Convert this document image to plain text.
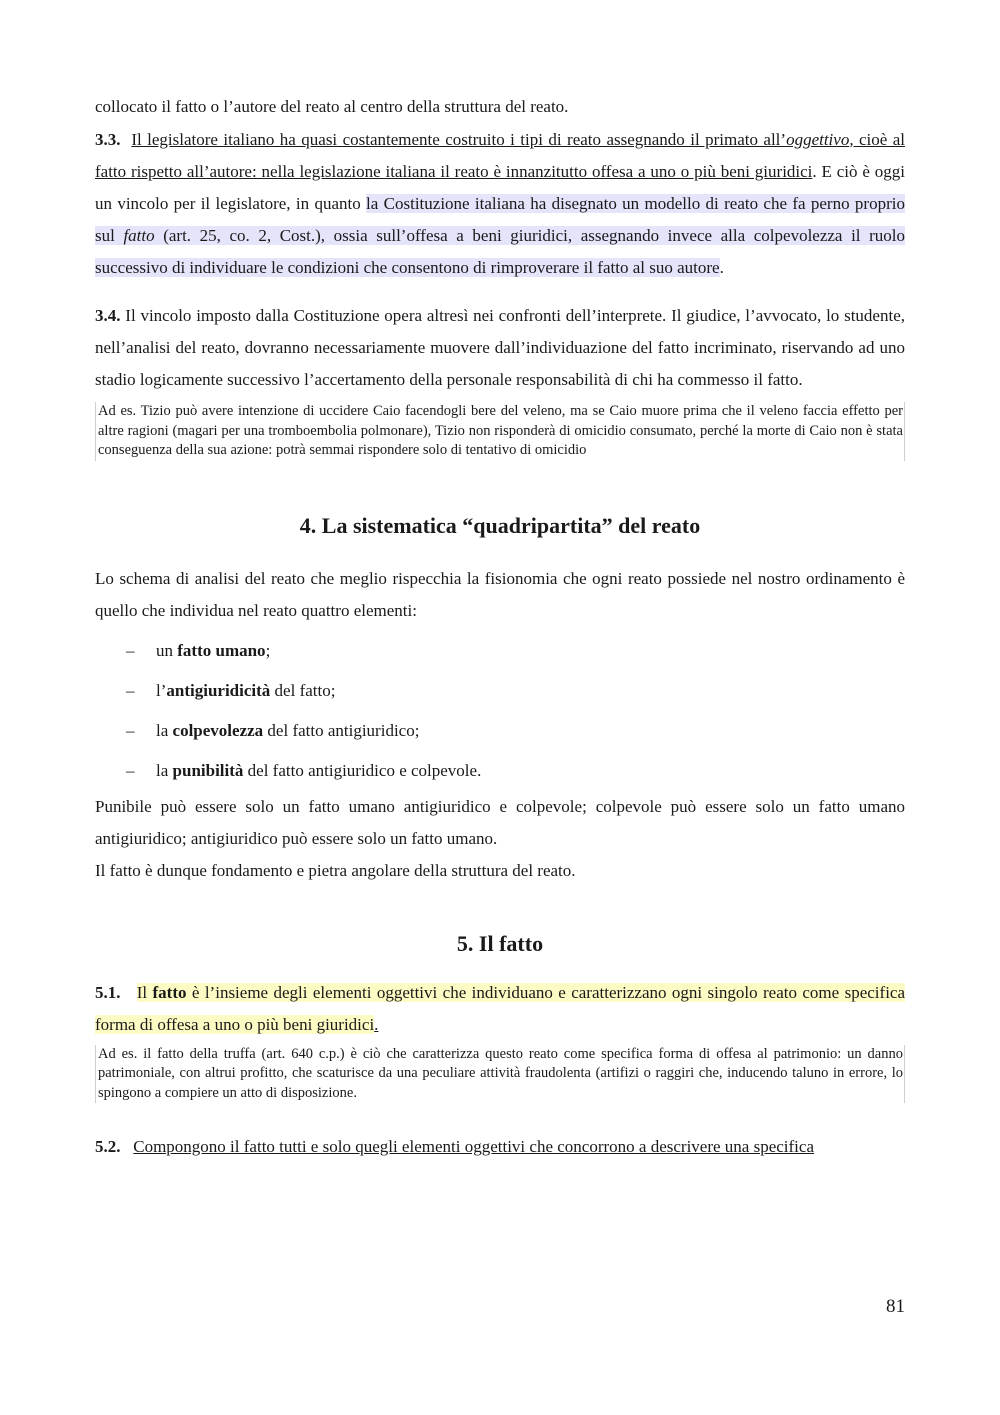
collocato il fatto o l’autore del reato al centro della struttura del reato.

3.3. Il legislatore italiano ha quasi costantemente costruito i tipi di reato assegnando il primato all’oggettivo, cioè al fatto rispetto all’autore: nella legislazione italiana il reato è innanzitutto offesa a uno o più beni giuridici. E ciò è oggi un vincolo per il legislatore, in quanto la Costituzione italiana ha disegnato un modello di reato che fa perno proprio sul fatto (art. 25, co. 2, Cost.), ossia sull’offesa a beni giuridici, assegnando invece alla colpevolezza il ruolo successivo di individuare le condizioni che consentono di rimproverare il fatto al suo autore.

3.4. Il vincolo imposto dalla Costituzione opera altresì nei confronti dell’interprete. Il giudice, l’avvocato, lo studente, nell’analisi del reato, dovranno necessariamente muovere dall’individuazione del fatto incriminato, riservando ad uno stadio logicamente successivo l’accertamento della personale responsabilità di chi ha commesso il fatto.

Ad es. Tizio può avere intenzione di uccidere Caio facendogli bere del veleno, ma se Caio muore prima che il veleno faccia effetto per altre ragioni (magari per una tromboembolia polmonare), Tizio non risponderà di omicidio consumato, perché la morte di Caio non è stata conseguenza della sua azione: potrà semmai rispondere solo di tentativo di omicidio
4. La sistematica “quadripartita” del reato

Lo schema di analisi del reato che meglio rispecchia la fisionomia che ogni reato possiede nel nostro ordinamento è quello che individua nel reato quattro elementi:

– un fatto umano;
– l’antigiuridicità del fatto;
– la colpevolezza del fatto antigiuridico;
– la punibilità del fatto antigiuridico e colpevole.

Punibile può essere solo un fatto umano antigiuridico e colpevole; colpevole può essere solo un fatto umano antigiuridico; antigiuridico può essere solo un fatto umano.

Il fatto è dunque fondamento e pietra angolare della struttura del reato.

5. Il fatto

5.1. Il fatto è l’insieme degli elementi oggettivi che individuano e caratterizzano ogni singolo reato come specifica forma di offesa a uno o più beni giuridici.

Ad es. il fatto della truffa (art. 640 c.p.) è ciò che caratterizza questo reato come specifica forma di offesa al patrimonio: un danno patrimoniale, con altrui profitto, che scaturisce da una peculiare attività fraudolenta (artifizi o raggiri che, inducendo taluno in errore, lo spingono a compiere un atto di disposizione.

5.2. Compongono il fatto tutti e solo quegli elementi oggettivi che concorrono a descrivere una specifica

81
